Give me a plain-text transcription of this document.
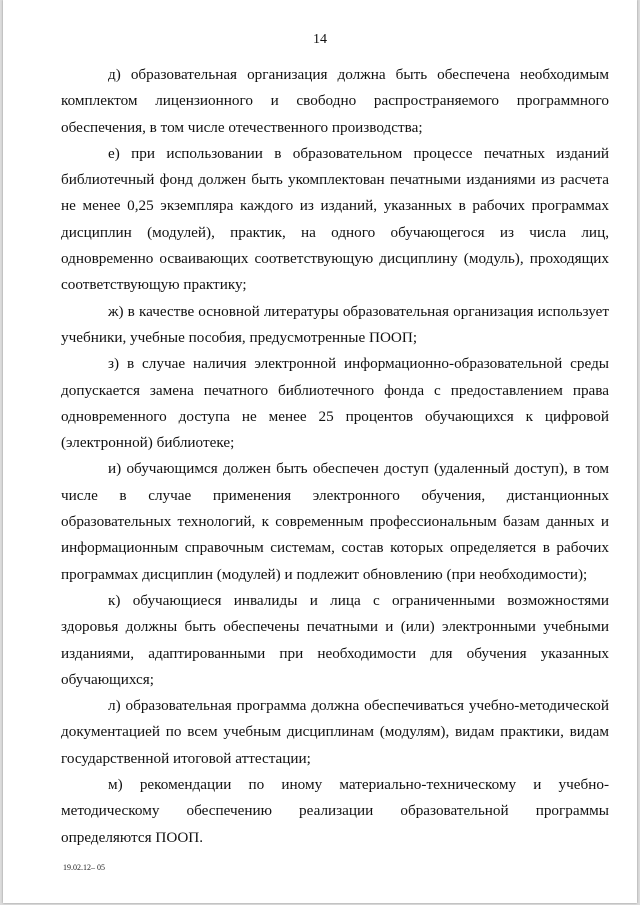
14

д) образовательная организация должна быть обеспечена необходимым комплектом лицензионного и свободно распространяемого программного обеспечения, в том числе отечественного производства;

е) при использовании в образовательном процессе печатных изданий библиотечный фонд должен быть укомплектован печатными изданиями из расчета не менее 0,25 экземпляра каждого из изданий, указанных в рабочих программах дисциплин (модулей), практик, на одного обучающегося из числа лиц, одновременно осваивающих соответствующую дисциплину (модуль), проходящих соответствующую практику;

ж) в качестве основной литературы образовательная организация использует учебники, учебные пособия, предусмотренные ПООП;

з) в случае наличия электронной информационно-образовательной среды допускается замена печатного библиотечного фонда с предоставлением права одновременного доступа не менее 25 процентов обучающихся к цифровой (электронной) библиотеке;

и) обучающимся должен быть обеспечен доступ (удаленный доступ), в том числе в случае применения электронного обучения, дистанционных образовательных технологий, к современным профессиональным базам данных и информационным справочным системам, состав которых определяется в рабочих программах дисциплин (модулей) и подлежит обновлению (при необходимости);

к) обучающиеся инвалиды и лица с ограниченными возможностями здоровья должны быть обеспечены печатными и (или) электронными учебными изданиями, адаптированными при необходимости для обучения указанных обучающихся;

л) образовательная программа должна обеспечиваться учебно-методической документацией по всем учебным дисциплинам (модулям), видам практики, видам государственной итоговой аттестации;

м) рекомендации по иному материально-техническому и учебно-методическому обеспечению реализации образовательной программы определяются ПООП.

19.02.12– 05
